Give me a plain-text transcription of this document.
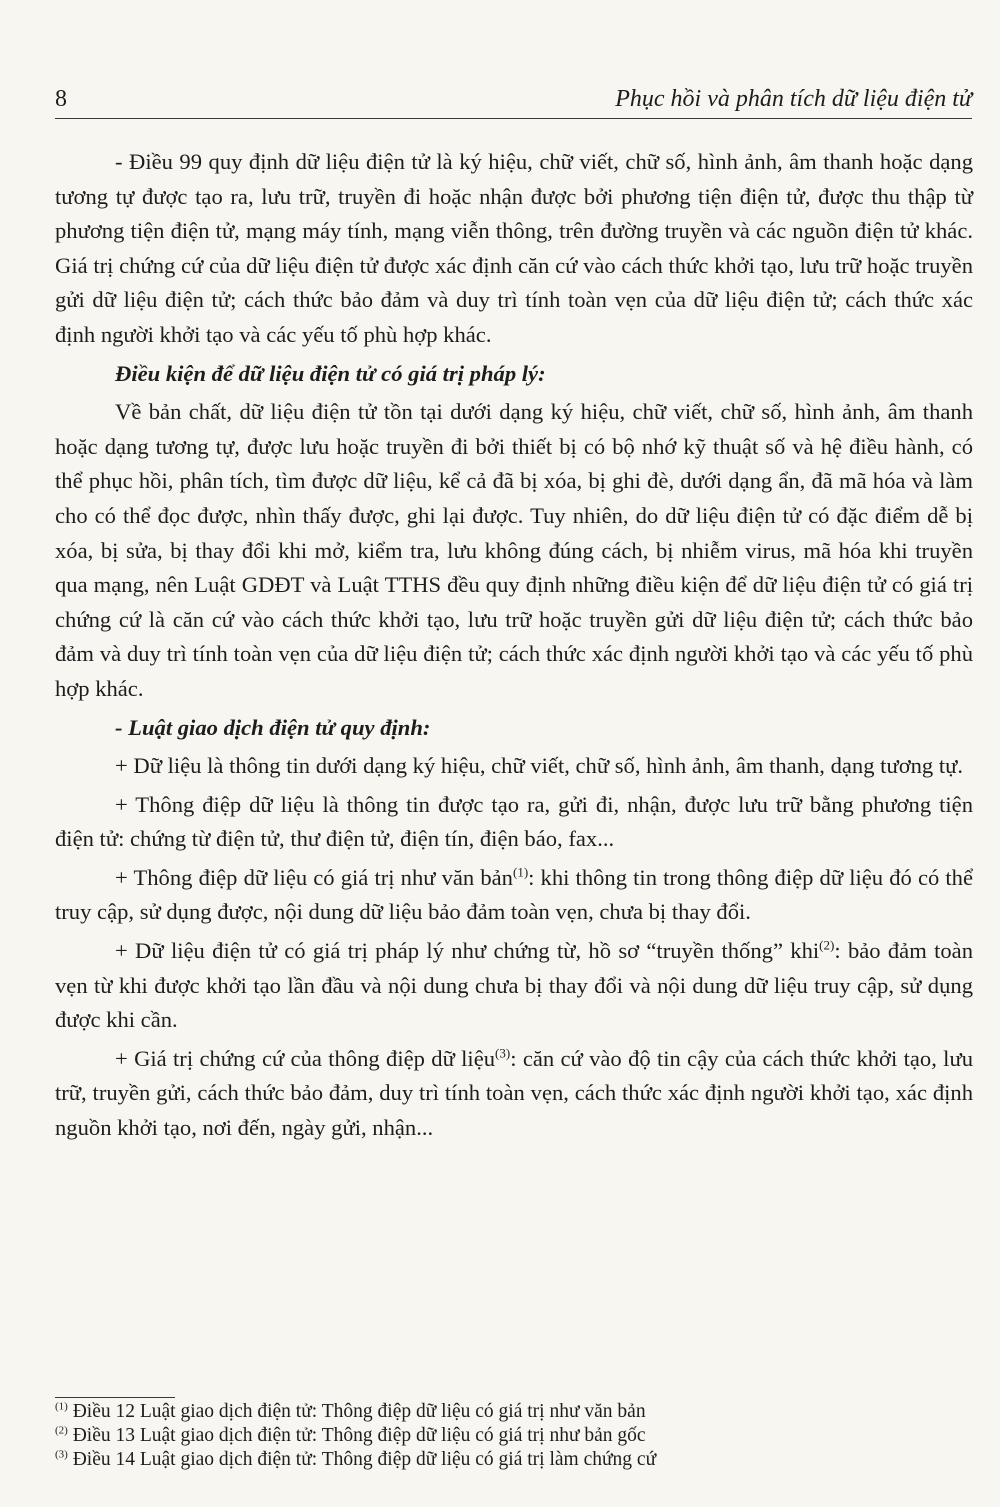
8	Phục hồi và phân tích dữ liệu điện tử

- Điều 99 quy định dữ liệu điện tử là ký hiệu, chữ viết, chữ số, hình ảnh, âm thanh hoặc dạng tương tự được tạo ra, lưu trữ, truyền đi hoặc nhận được bởi phương tiện điện tử, được thu thập từ phương tiện điện tử, mạng máy tính, mạng viễn thông, trên đường truyền và các nguồn điện tử khác. Giá trị chứng cứ của dữ liệu điện tử được xác định căn cứ vào cách thức khởi tạo, lưu trữ hoặc truyền gửi dữ liệu điện tử; cách thức bảo đảm và duy trì tính toàn vẹn của dữ liệu điện tử; cách thức xác định người khởi tạo và các yếu tố phù hợp khác.

Điều kiện để dữ liệu điện tử có giá trị pháp lý:

Về bản chất, dữ liệu điện tử tồn tại dưới dạng ký hiệu, chữ viết, chữ số, hình ảnh, âm thanh hoặc dạng tương tự, được lưu hoặc truyền đi bởi thiết bị có bộ nhớ kỹ thuật số và hệ điều hành, có thể phục hồi, phân tích, tìm được dữ liệu, kể cả đã bị xóa, bị ghi đè, dưới dạng ẩn, đã mã hóa và làm cho có thể đọc được, nhìn thấy được, ghi lại được. Tuy nhiên, do dữ liệu điện tử có đặc điểm dễ bị xóa, bị sửa, bị thay đổi khi mở, kiểm tra, lưu không đúng cách, bị nhiễm virus, mã hóa khi truyền qua mạng, nên Luật GDĐT và Luật TTHS đều quy định những điều kiện để dữ liệu điện tử có giá trị chứng cứ là căn cứ vào cách thức khởi tạo, lưu trữ hoặc truyền gửi dữ liệu điện tử; cách thức bảo đảm và duy trì tính toàn vẹn của dữ liệu điện tử; cách thức xác định người khởi tạo và các yếu tố phù hợp khác.

- Luật giao dịch điện tử quy định:

+ Dữ liệu là thông tin dưới dạng ký hiệu, chữ viết, chữ số, hình ảnh, âm thanh, dạng tương tự.

+ Thông điệp dữ liệu là thông tin được tạo ra, gửi đi, nhận, được lưu trữ bằng phương tiện điện tử: chứng từ điện tử, thư điện tử, điện tín, điện báo, fax...

+ Thông điệp dữ liệu có giá trị như văn bản$^{(1)}$: khi thông tin trong thông điệp dữ liệu đó có thể truy cập, sử dụng được, nội dung dữ liệu bảo đảm toàn vẹn, chưa bị thay đổi.

+ Dữ liệu điện tử có giá trị pháp lý như chứng từ, hồ sơ “truyền thống” khi$^{(2)}$: bảo đảm toàn vẹn từ khi được khởi tạo lần đầu và nội dung chưa bị thay đổi và nội dung dữ liệu truy cập, sử dụng được khi cần.

+ Giá trị chứng cứ của thông điệp dữ liệu$^{(3)}$: căn cứ vào độ tin cậy của cách thức khởi tạo, lưu trữ, truyền gửi, cách thức bảo đảm, duy trì tính toàn vẹn, cách thức xác định người khởi tạo, xác định nguồn khởi tạo, nơi đến, ngày gửi, nhận...

$^{(1)}$ Điều 12 Luật giao dịch điện tử: Thông điệp dữ liệu có giá trị như văn bản
$^{(2)}$ Điều 13 Luật giao dịch điện tử: Thông điệp dữ liệu có giá trị như bản gốc
$^{(3)}$ Điều 14 Luật giao dịch điện tử: Thông điệp dữ liệu có giá trị làm chứng cứ
